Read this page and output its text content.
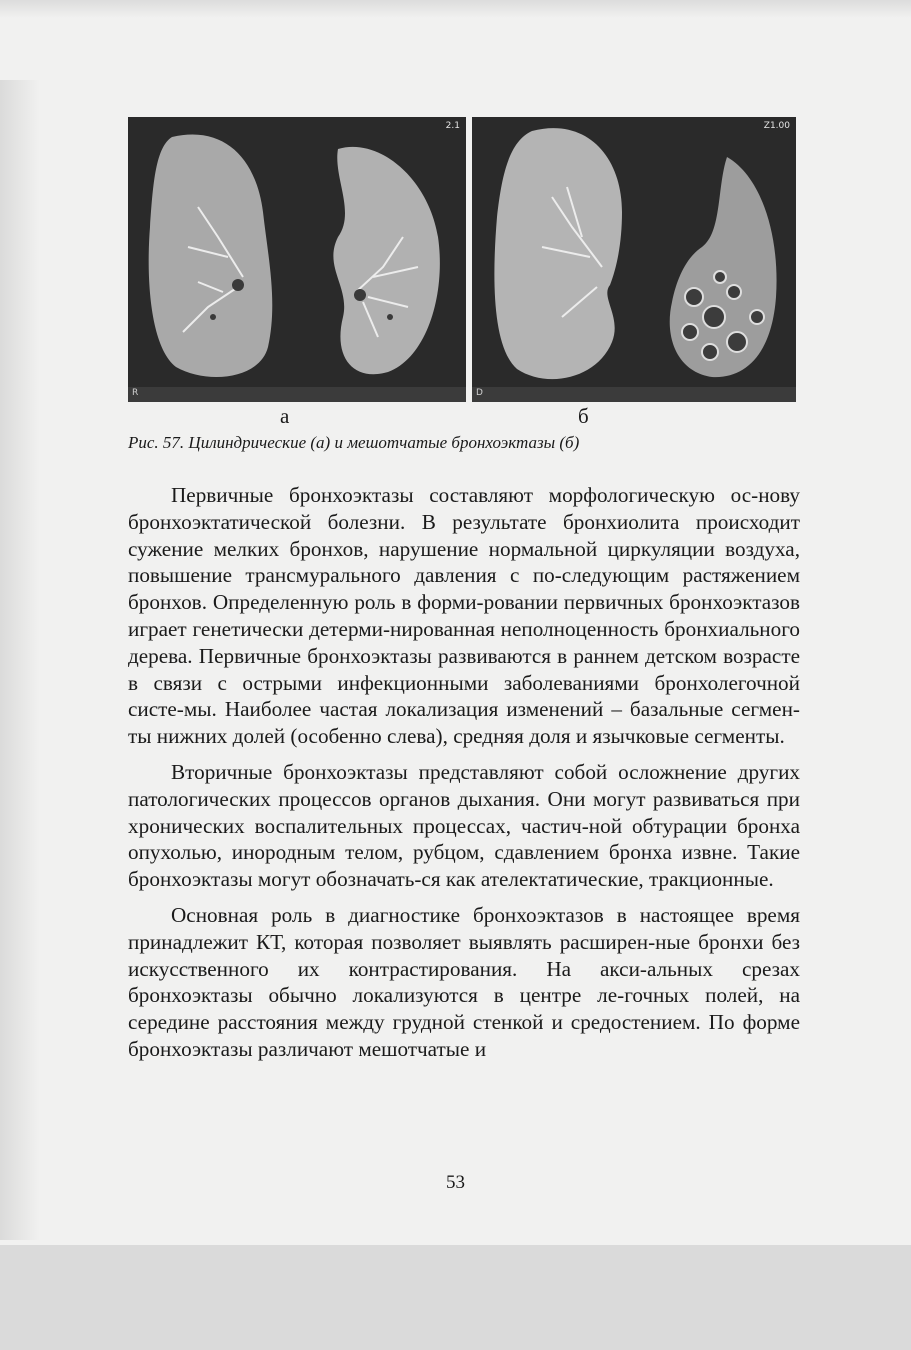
2.1
R
Z1.00
D
а	б
Рис. 57. Цилиндрические (а) и мешотчатые бронхоэктазы (б)

Первичные бронхоэктазы составляют морфологическую ос-нову бронхоэктатической болезни. В результате бронхиолита происходит сужение мелких бронхов, нарушение нормальной циркуляции воздуха, повышение трансмурального давления с по-следующим растяжением бронхов. Определенную роль в форми-ровании первичных бронхоэктазов играет генетически детерми-нированная неполноценность бронхиального дерева. Первичные бронхоэктазы развиваются в раннем детском возрасте в связи с острыми инфекционными заболеваниями бронхолегочной систе-мы. Наиболее частая локализация изменений – базальные сегмен-ты нижних долей (особенно слева), средняя доля и язычковые сегменты.

Вторичные бронхоэктазы представляют собой осложнение других патологических процессов органов дыхания. Они могут развиваться при хронических воспалительных процессах, частич-ной обтурации бронха опухолью, инородным телом, рубцом, сдавлением бронха извне. Такие бронхоэктазы могут обозначать-ся как ателектатические, тракционные.

Основная роль в диагностике бронхоэктазов в настоящее время принадлежит КТ, которая позволяет выявлять расширен-ные бронхи без искусственного их контрастирования. На акси-альных срезах бронхоэктазы обычно локализуются в центре ле-гочных полей, на середине расстояния между грудной стенкой и средостением. По форме бронхоэктазы различают мешотчатые и

53
